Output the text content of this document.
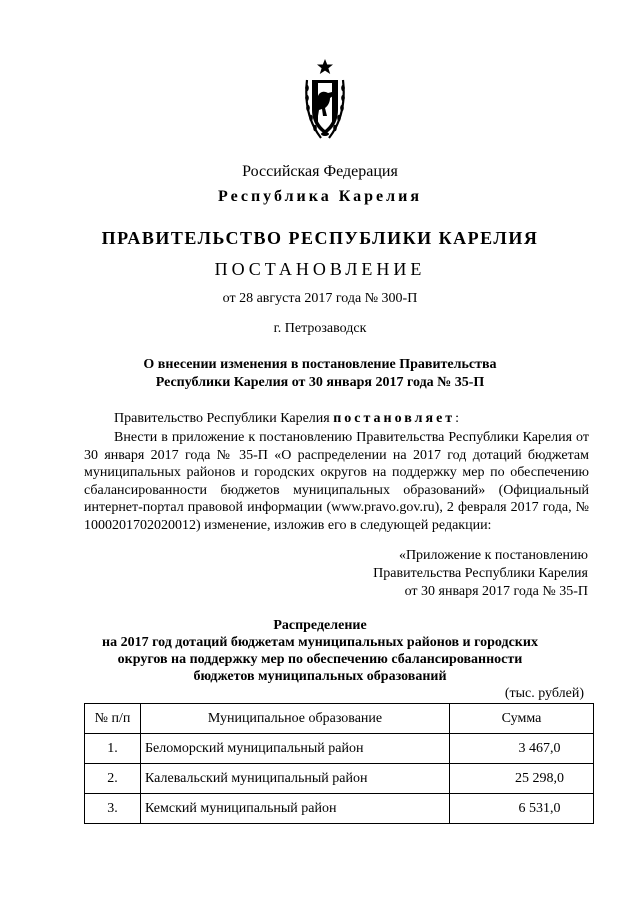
Российская Федерация
Республика Карелия
ПРАВИТЕЛЬСТВО РЕСПУБЛИКИ КАРЕЛИЯ
ПОСТАНОВЛЕНИЕ
от 28 августа 2017 года № 300-П
г. Петрозаводск
О внесении изменения в постановление Правительства
Республики Карелия от 30 января 2017 года № 35-П
Правительство Республики Карелия постановляет:
Внести в приложение к постановлению Правительства Республики Карелия от 30 января 2017 года № 35-П «О распределении на 2017 год дотаций бюджетам муниципальных районов и городских округов на поддержку мер по обеспечению сбалансированности бюджетов муниципальных образований» (Официальный интернет-портал правовой информации (www.pravo.gov.ru), 2 февраля 2017 года, № 1000201702020012) изменение, изложив его в следующей редакции:
«Приложение к постановлению
Правительства Республики Карелия
от 30 января 2017 года № 35-П
Распределение
на 2017 год дотаций бюджетам муниципальных районов и городских
округов на поддержку мер по обеспечению сбалансированности
бюджетов муниципальных образований
(тыс. рублей)
№ п/п	Муниципальное образование	Сумма
1.	Беломорский муниципальный район	3 467,0
2.	Калевальский муниципальный район	25 298,0
3.	Кемский муниципальный район	6 531,0
